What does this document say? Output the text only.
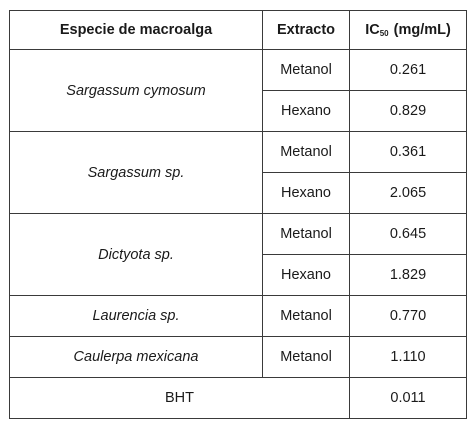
Especie de macroalga	Extracto	$IC_{50}$ (mg/mL)
Sargassum cymosum	Metanol	0.261
	Hexano	0.829
Sargassum sp.	Metanol	0.361
	Hexano	2.065
Dictyota sp.	Metanol	0.645
	Hexano	1.829
Laurencia sp.	Metanol	0.770
Caulerpa mexicana	Metanol	1.110
BHT		0.011
